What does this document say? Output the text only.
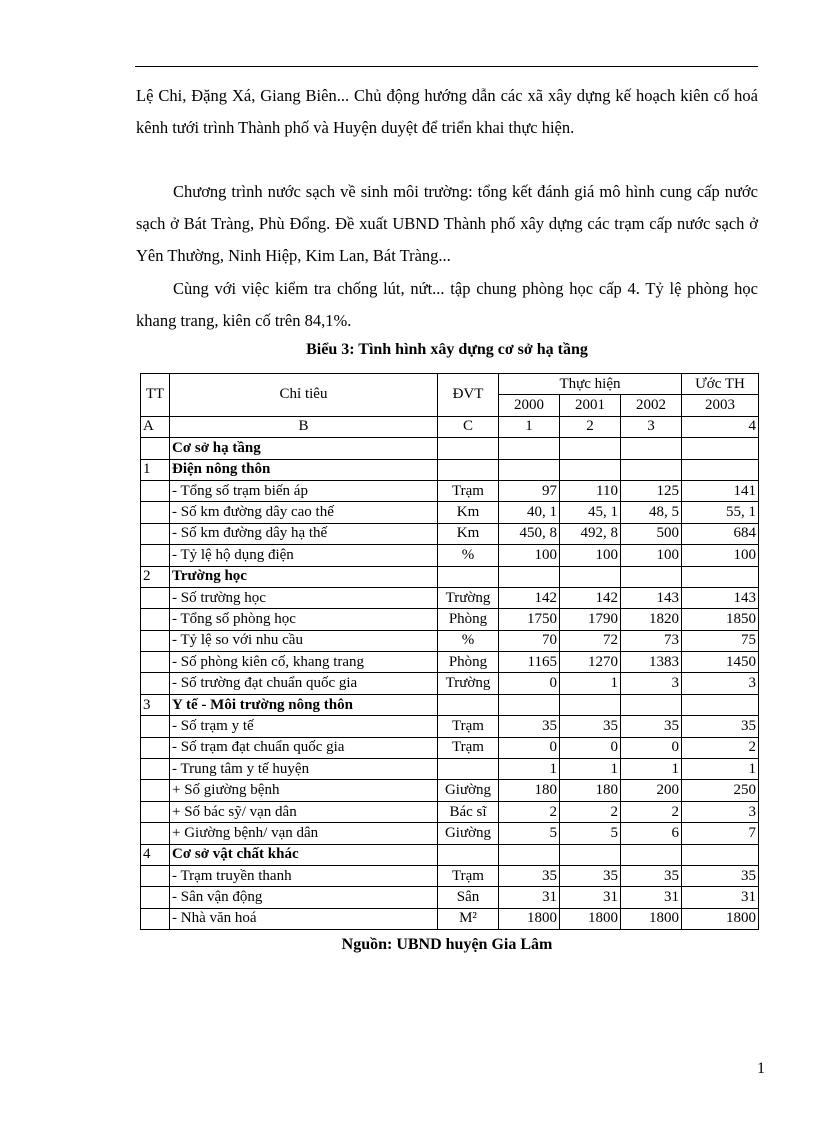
Lệ Chi, Đặng Xá, Giang Biên... Chủ động hướng dẫn các xã xây dựng kế hoạch kiên cố hoá kênh tưới trình Thành phố và Huyện duyệt để triển khai thực hiện.

Chương trình nước sạch về sinh môi trường: tổng kết đánh giá mô hình cung cấp nước sạch ở Bát Tràng, Phù Đổng. Đề xuất UBND Thành phố xây dựng các trạm cấp nước sạch ở Yên Thường, Ninh Hiệp, Kim Lan, Bát Tràng...

Cùng với việc kiểm tra chống lút, nứt... tập chung phòng học cấp 4. Tỷ lệ phòng học khang trang, kiên cố trên 84,1%.

Biểu 3: Tình hình xây dựng cơ sở hạ tầng
TT	Chỉ tiêu	ĐVT	Thực hiện			Ước TH
			2000	2001	2002	2003
A	B	C	1	2	3	4
	Cơ sở hạ tầng					
1	Điện nông thôn					
	- Tổng số trạm biến áp	Trạm	97	110	125	141
	- Số km đường dây cao thế	Km	40, 1	45, 1	48, 5	55, 1
	- Số km đường dây hạ thế	Km	450, 8	492, 8	500	684
	- Tỷ lệ hộ dụng điện	%	100	100	100	100
2	Trường học					
	- Số trường học	Trường	142	142	143	143
	- Tổng số phòng học	Phòng	1750	1790	1820	1850
	- Tỷ lệ so với nhu cầu	%	70	72	73	75
	- Số phòng kiên cố, khang trang	Phòng	1165	1270	1383	1450
	- Số trường đạt chuẩn quốc gia	Trường	0	1	3	3
3	Y tế - Môi trường nông thôn					
	- Số trạm y tế	Trạm	35	35	35	35
	- Số trạm đạt chuẩn quốc gia	Trạm	0	0	0	2
	- Trung tâm y tế huyện		1	1	1	1
	+ Số giường bệnh	Giường	180	180	200	250
	+ Số bác sỹ/ vạn dân	Bác sĩ	2	2	2	3
	+ Giường bệnh/ vạn dân	Giường	5	5	6	7
4	Cơ sở vật chất khác					
	- Trạm truyền thanh	Trạm	35	35	35	35
	- Sân vận động	Sân	31	31	31	31
	- Nhà văn hoá	M²	1800	1800	1800	1800
Nguồn: UBND huyện Gia Lâm
1
